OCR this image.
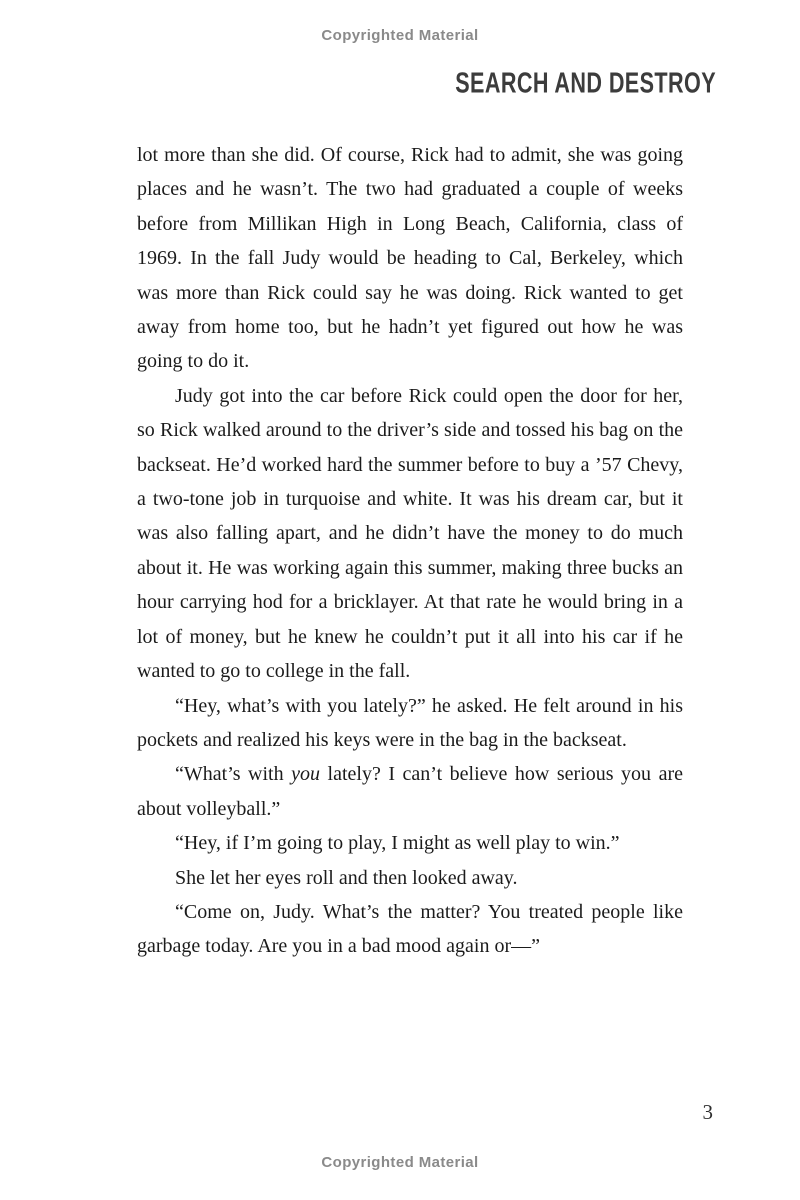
Copyrighted Material
SEARCH AND DESTROY

lot more than she did. Of course, Rick had to admit, she was going places and he wasn’t. The two had graduated a couple of weeks before from Millikan High in Long Beach, California, class of 1969. In the fall Judy would be heading to Cal, Berkeley, which was more than Rick could say he was doing. Rick wanted to get away from home too, but he hadn’t yet figured out how he was going to do it.

Judy got into the car before Rick could open the door for her, so Rick walked around to the driver’s side and tossed his bag on the backseat. He’d worked hard the summer before to buy a ’57 Chevy, a two-tone job in turquoise and white. It was his dream car, but it was also falling apart, and he didn’t have the money to do much about it. He was working again this summer, making three bucks an hour carrying hod for a bricklayer. At that rate he would bring in a lot of money, but he knew he couldn’t put it all into his car if he wanted to go to college in the fall.

“Hey, what’s with you lately?” he asked. He felt around in his pockets and realized his keys were in the bag in the backseat.

“What’s with you lately? I can’t believe how serious you are about volleyball.”

“Hey, if I’m going to play, I might as well play to win.”

She let her eyes roll and then looked away.

“Come on, Judy. What’s the matter? You treated people like garbage today. Are you in a bad mood again or—”

3
Copyrighted Material
